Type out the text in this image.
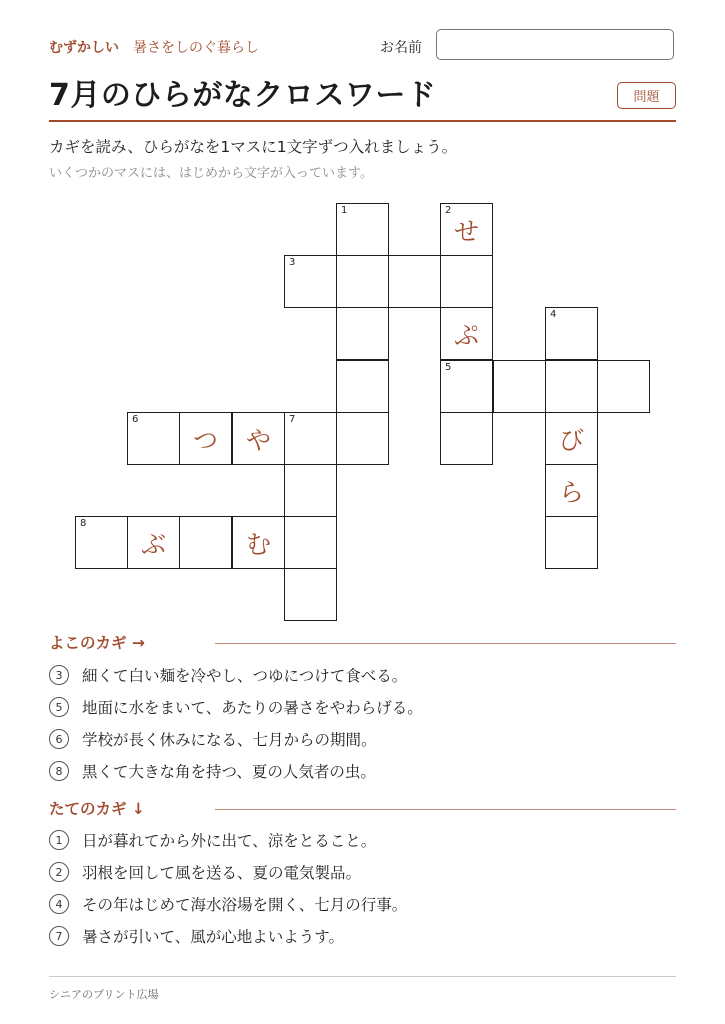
むずかしい 暑さをしのぐ暮らし	お名前
7月のひらがなクロスワード	問題
カギを読み、ひらがなを1マスに1文字ずつ入れましょう。
いくつかのマスには、はじめから文字が入っています。
1	2
せ
3
ぷ
4
5
6
つ	や
7
び
ら
8
ぶ	む
よこのカギ →
3	細くて白い麺を冷やし、つゆにつけて食べる。
5	地面に水をまいて、あたりの暑さをやわらげる。
6	学校が長く休みになる、七月からの期間。
8	黒くて大きな角を持つ、夏の人気者の虫。
たてのカギ ↓
1	日が暮れてから外に出て、涼をとること。
2	羽根を回して風を送る、夏の電気製品。
4	その年はじめて海水浴場を開く、七月の行事。
7	暑さが引いて、風が心地よいようす。
シニアのプリント広場
